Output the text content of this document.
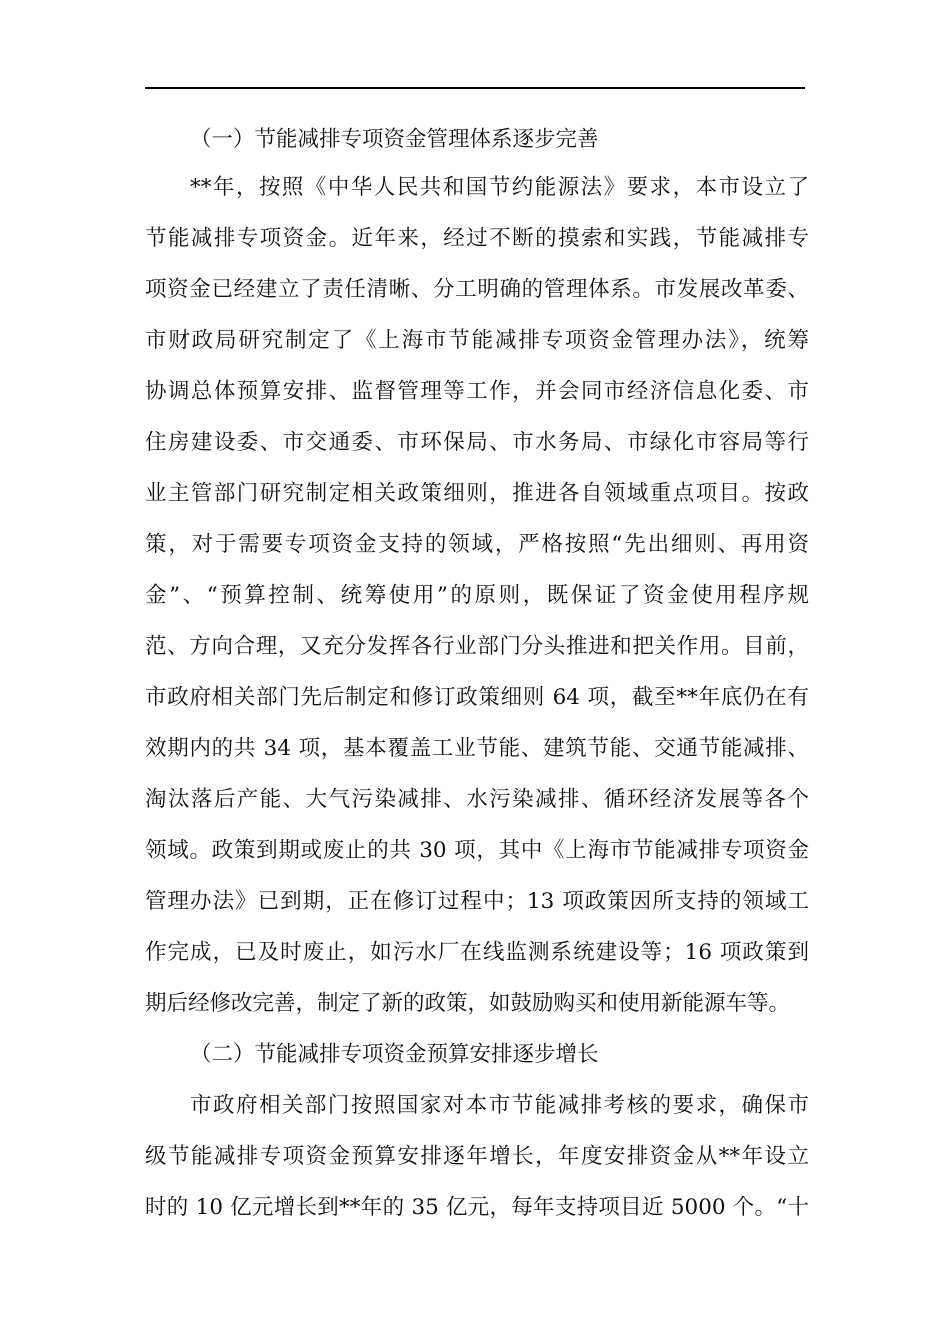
（一）节能减排专项资金管理体系逐步完善
**年，按照《中华人民共和国节约能源法》要求，本市设立了
节能减排专项资金。近年来，经过不断的摸索和实践，节能减排专
项资金已经建立了责任清晰、分工明确的管理体系。市发展改革委、
市财政局研究制定了《上海市节能减排专项资金管理办法》，统筹
协调总体预算安排、监督管理等工作，并会同市经济信息化委、市
住房建设委、市交通委、市环保局、市水务局、市绿化市容局等行
业主管部门研究制定相关政策细则，推进各自领域重点项目。按政
策，对于需要专项资金支持的领域，严格按照“先出细则、再用资
金”、“预算控制、统筹使用”的原则，既保证了资金使用程序规
范、方向合理，又充分发挥各行业部门分头推进和把关作用。目前，
市政府相关部门先后制定和修订政策细则 64 项，截至**年底仍在有
效期内的共 34 项，基本覆盖工业节能、建筑节能、交通节能减排、
淘汰落后产能、大气污染减排、水污染减排、循环经济发展等各个
领域。政策到期或废止的共 30 项，其中《上海市节能减排专项资金
管理办法》已到期，正在修订过程中；13 项政策因所支持的领域工
作完成，已及时废止，如污水厂在线监测系统建设等；16 项政策到
期后经修改完善，制定了新的政策，如鼓励购买和使用新能源车等。
（二）节能减排专项资金预算安排逐步增长
市政府相关部门按照国家对本市节能减排考核的要求，确保市
级节能减排专项资金预算安排逐年增长，年度安排资金从**年设立
时的 10 亿元增长到**年的 35 亿元，每年支持项目近 5000 个。“十
